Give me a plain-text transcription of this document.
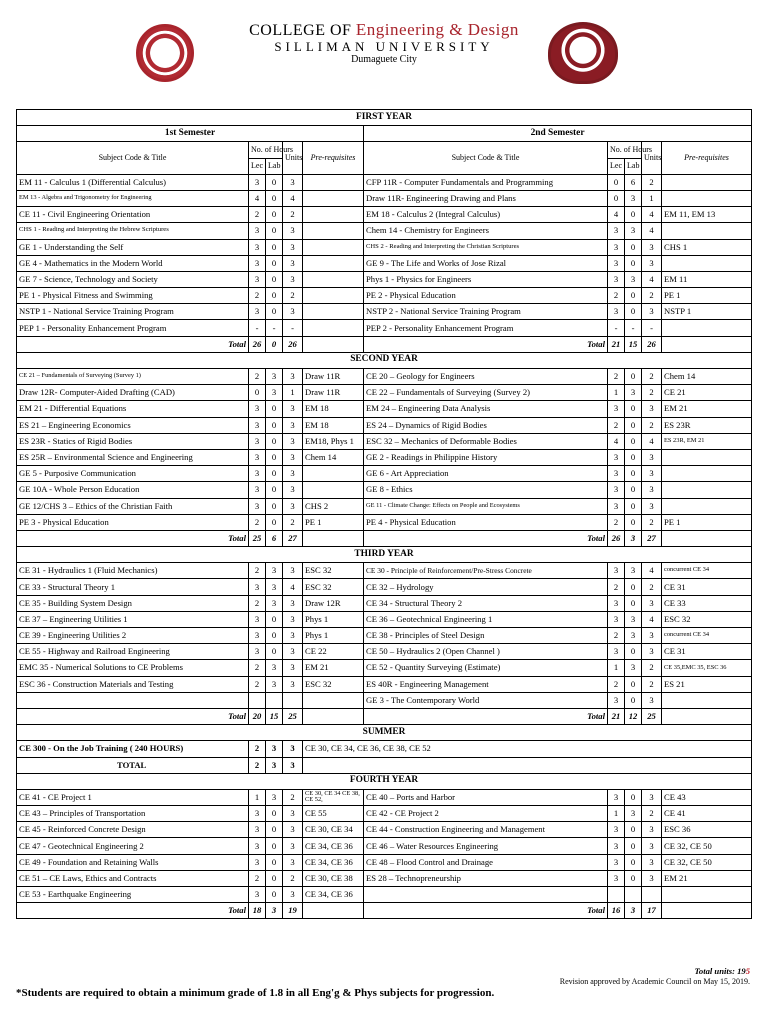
COLLEGE OF Engineering & Design
SILLIMAN UNIVERSITY
Dumaguete City
FIRST YEAR									
1st Semester					2nd Semester				
Subject Code & Title	No. of Hours		Units	Pre-requisites	Subject Code & Title	No. of Hours		Units	Pre-requisites
	Lec	Lab				Lec	Lab		
EM 11 - Calculus 1 (Differential Calculus)	3	0	3		CFP 11R - Computer Fundamentals and Programming	0	6	2	
EM 13 - Algebra and Trigonometry for Engineering	4	0	4		Draw 11R- Engineering Drawing and Plans	0	3	1	
CE 11 - Civil Engineering Orientation	2	0	2		EM 18 - Calculus 2 (Integral Calculus)	4	0	4	EM 11, EM 13
CHS 1 - Reading and Interpreting the Hebrew Scriptures	3	0	3		Chem 14 - Chemistry for Engineers	3	3	4	
GE 1 - Understanding the Self	3	0	3		CHS 2 - Reading and Interpreting the Christian Scriptures	3	0	3	CHS 1
GE 4 - Mathematics in the Modern World	3	0	3		GE 9 - The Life and Works of Jose Rizal	3	0	3	
GE 7 - Science, Technology and Society	3	0	3		Phys 1 - Physics for Engineers	3	3	4	EM 11
PE 1 - Physical Fitness and Swimming	2	0	2		PE 2 - Physical Education	2	0	2	PE 1
NSTP 1 - National Service Training Program	3	0	3		NSTP 2 - National Service Training Program	3	0	3	NSTP 1
PEP 1 - Personality Enhancement Program	-	-	-		PEP 2 - Personality Enhancement Program	-	-	-	
Total	26	0	26		Total	21	15	26	
SECOND YEAR									
CE 21 – Fundamentals of Surveying (Survey 1)	2	3	3	Draw 11R	CE 20 – Geology for Engineers	2	0	2	Chem 14
Draw 12R- Computer-Aided Drafting (CAD)	0	3	1	Draw 11R	CE 22 – Fundamentals of Surveying (Survey 2)	1	3	2	CE 21
EM 21 - Differential Equations	3	0	3	EM 18	EM 24 – Engineering Data Analysis	3	0	3	EM 21
ES 21 – Engineering Economics	3	0	3	EM 18	ES 24 – Dynamics of Rigid Bodies	2	0	2	ES 23R
ES 23R - Statics of Rigid Bodies	3	0	3	EM18, Phys 1	ESC 32 – Mechanics of Deformable Bodies	4	0	4	ES 23R, EM 21
ES 25R – Environmental Science and Engineering	3	0	3	Chem 14	GE 2 - Readings in Philippine History	3	0	3	
GE 5 - Purposive Communication	3	0	3		GE 6 - Art Appreciation	3	0	3	
GE 10A - Whole Person Education	3	0	3		GE 8 - Ethics	3	0	3	
GE 12/CHS 3 – Ethics of the Christian Faith	3	0	3	CHS 2	GE 11 - Climate Change: Effects on People and Ecosystems	3	0	3	
PE 3 - Physical Education	2	0	2	PE 1	PE 4 - Physical Education	2	0	2	PE 1
Total	25	6	27		Total	26	3	27	
THIRD YEAR									
CE 31 - Hydraulics 1 (Fluid Mechanics)	2	3	3	ESC 32	CE 30 - Principle of Reinforcement/Pre-Stress Concrete	3	3	4	concurrent CE 34
CE 33 - Structural Theory 1	3	3	4	ESC 32	CE 32 – Hydrology	2	0	2	CE 31
CE 35 - Building System Design	2	3	3	Draw 12R	CE 34 - Structural Theory 2	3	0	3	CE 33
CE 37 – Engineering Utilities 1	3	0	3	Phys 1	CE 36 – Geotechnical Engineering 1	3	3	4	ESC 32
CE 39 - Engineering Utilities 2	3	0	3	Phys 1	CE 38 - Principles of Steel Design	2	3	3	concurrent CE 34
CE 55 - Highway and Railroad Engineering	3	0	3	CE 22	CE 50 – Hydraulics 2 (Open Channel )	3	0	3	CE 31
EMC 35 - Numerical Solutions to CE Problems	2	3	3	EM 21	CE 52 - Quantity Surveying (Estimate)	1	3	2	CE 35,EMC 35, ESC 36
ESC 36 - Construction Materials and Testing	2	3	3	ESC 32	ES 40R - Engineering Management	2	0	2	ES 21
					GE 3 - The Contemporary World	3	0	3	
Total	20	15	25		Total	21	12	25	
SUMMER									
CE 300 - On the Job Training ( 240 HOURS)	2	3	3	CE 30, CE 34, CE 36, CE 38, CE 52					
TOTAL	2	3	3						
FOURTH YEAR									
CE 41 - CE Project 1	1	3	2	CE 30, CE 34 CE 38, CE 52,	CE 40 – Ports and Harbor	3	0	3	CE 43
CE 43 – Principles of Transportation	3	0	3	CE 55	CE 42 - CE Project 2	1	3	2	CE 41
CE 45 - Reinforced Concrete Design	3	0	3	CE 30, CE 34	CE 44 - Construction Engineering and Management	3	0	3	ESC 36
CE 47 - Geotechnical Engineering 2	3	0	3	CE 34, CE 36	CE 46 – Water Resources Engineering	3	0	3	CE 32, CE 50
CE 49 - Foundation and Retaining Walls	3	0	3	CE 34, CE 36	CE 48 – Flood Control and Drainage	3	0	3	CE 32, CE 50
CE 51 – CE Laws, Ethics and Contracts	2	0	2	CE 30, CE 38	ES 28 – Technopreneurship	3	0	3	EM 21
CE 53 - Earthquake Engineering	3	0	3	CE 34, CE 36					
Total	18	3	19		Total	16	3	17	
Total units: 195
Revision approved by Academic Council on May 15, 2019.
*Students are required to obtain a minimum grade of 1.8 in all Eng'g & Phys subjects for progression.
